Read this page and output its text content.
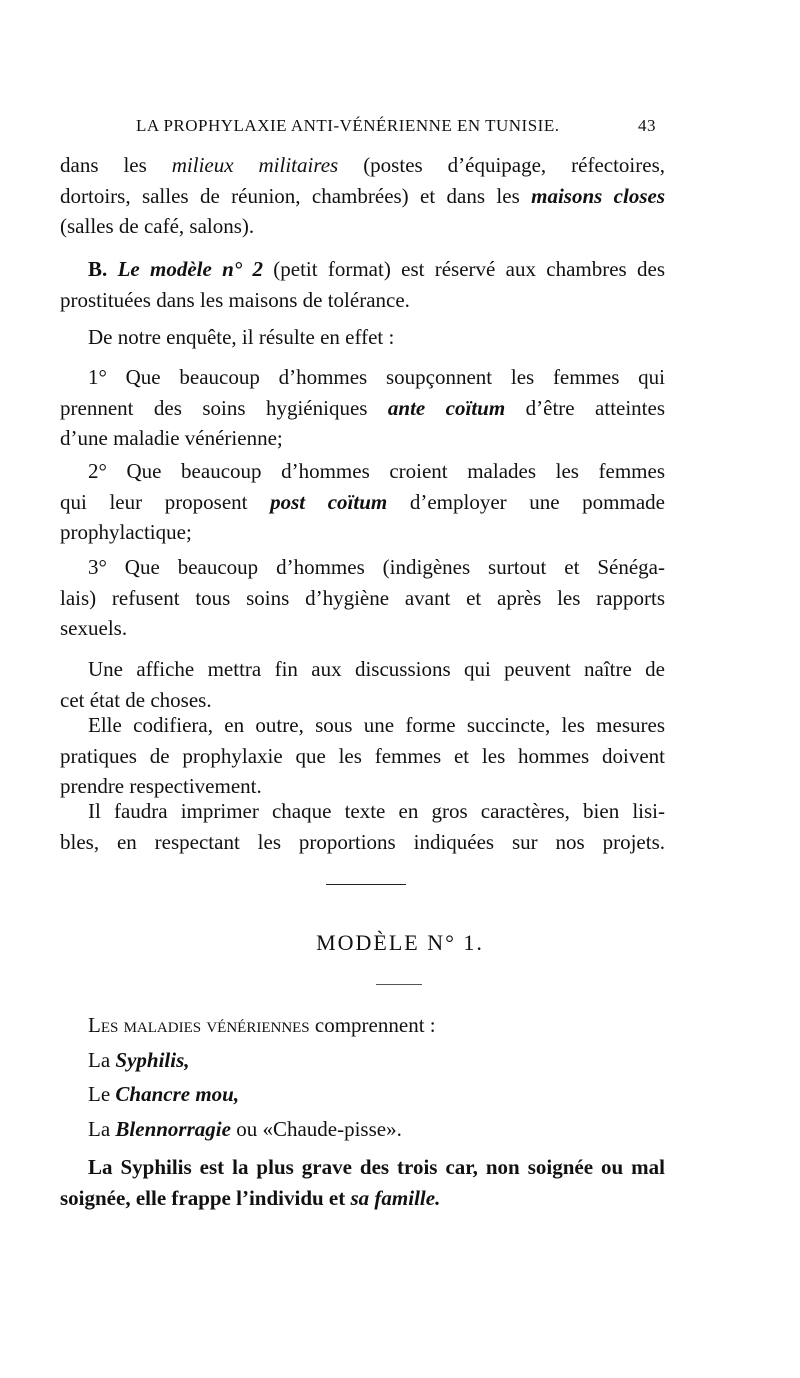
LA PROPHYLAXIE ANTI-VÉNÉRIENNE EN TUNISIE.	43
dans les milieux militaires (postes d’équipage, réfectoires,
dortoirs, salles de réunion, chambrées) et dans les maisons closes
(salles de café, salons).
B. Le modèle n° 2 (petit format) est réservé aux chambres des
prostituées dans les maisons de tolérance.
De notre enquête, il résulte en effet :
1° Que beaucoup d’hommes soupçonnent les femmes qui
prennent des soins hygiéniques ante coïtum d’être atteintes
d’une maladie vénérienne;
2° Que beaucoup d’hommes croient malades les femmes
qui leur proposent post coïtum d’employer une pommade
prophylactique;
3° Que beaucoup d’hommes (indigènes surtout et Sénéga-
lais) refusent tous soins d’hygiène avant et après les rapports
sexuels.
Une affiche mettra fin aux discussions qui peuvent naître de
cet état de choses.
Elle codifiera, en outre, sous une forme succincte, les mesures
pratiques de prophylaxie que les femmes et les hommes doivent
prendre respectivement.
Il faudra imprimer chaque texte en gros caractères, bien lisi-
bles, en respectant les proportions indiquées sur nos projets.
MODÈLE N° 1.
Les maladies vénériennes comprennent :
La Syphilis,
Le Chancre mou,
La Blennorragie ou «Chaude-pisse».
La Syphilis est la plus grave des trois car, non soignée ou mal
soignée, elle frappe l’individu et sa famille.
